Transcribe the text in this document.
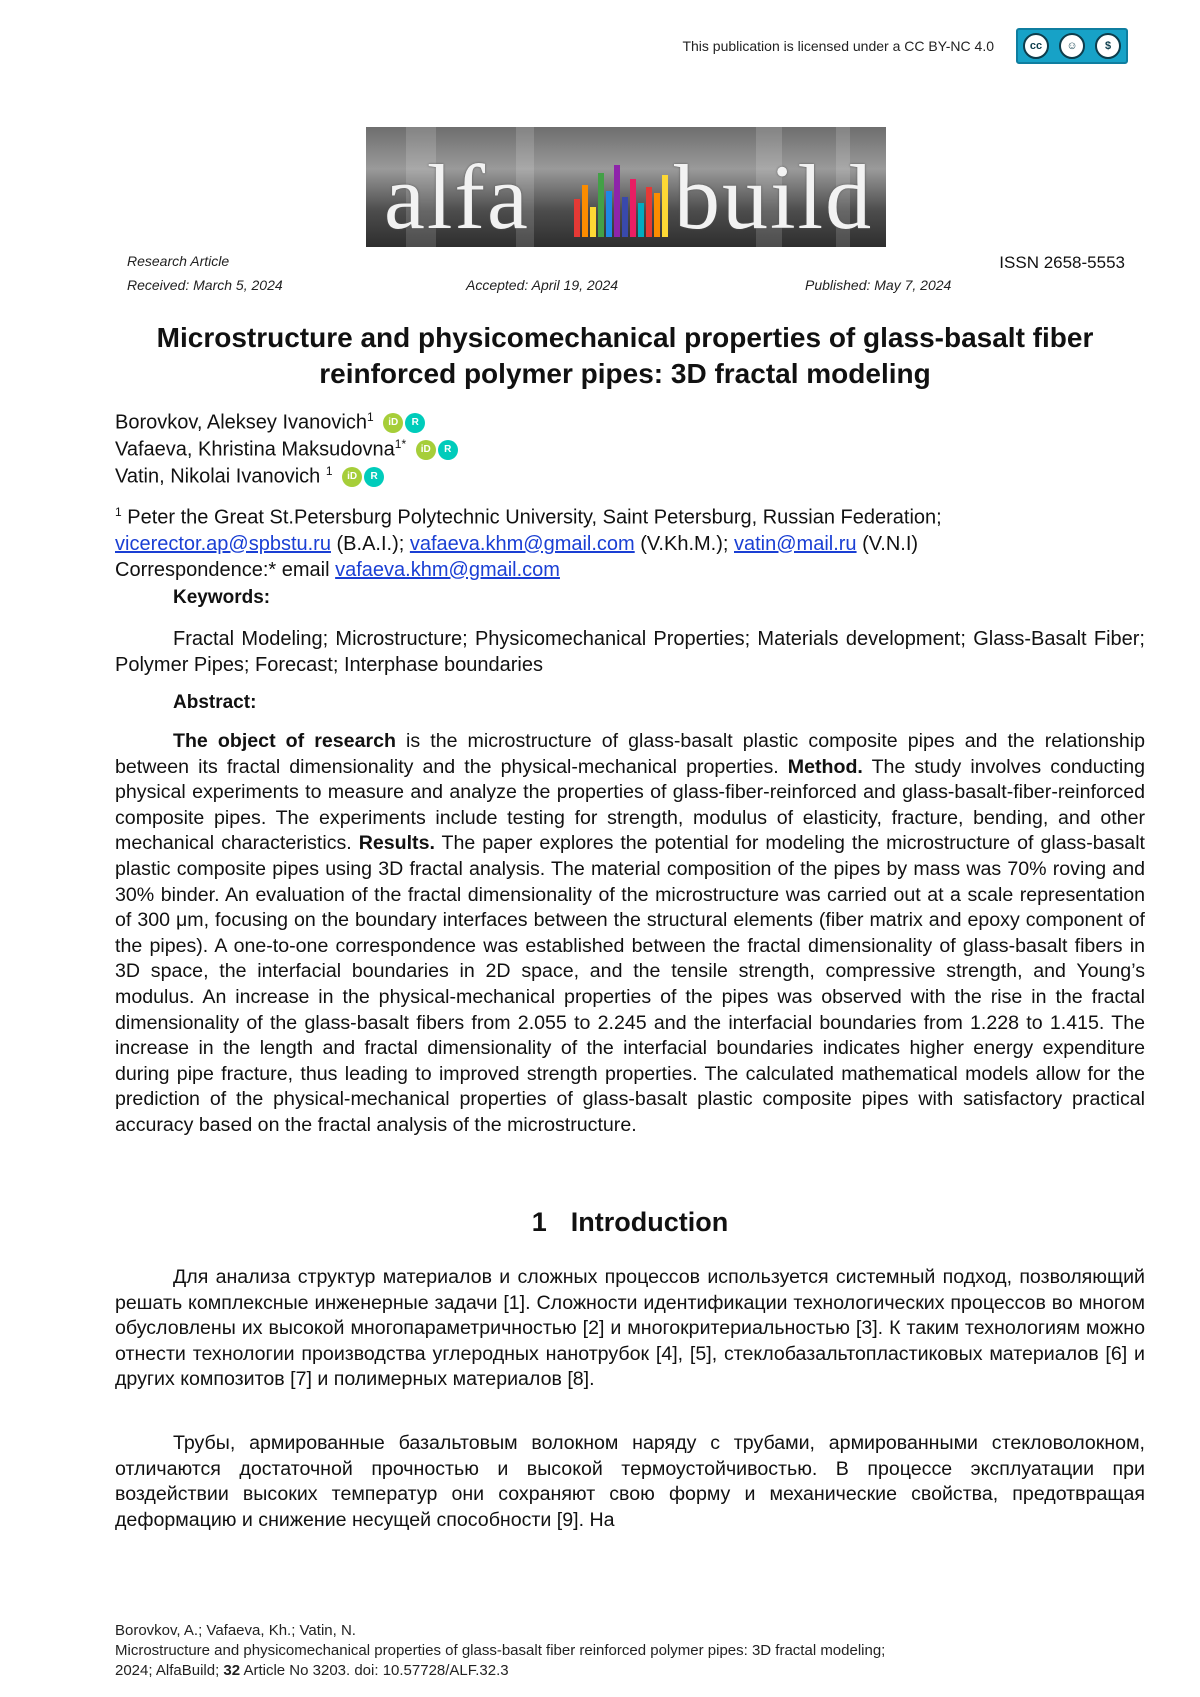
This publication is licensed under a CC BY-NC 4.0	cc	☺	$
alfa build
Research Article	ISSN 2658-5553
Received: March 5, 2024	Accepted: April 19, 2024	Published: May 7, 2024
Microstructure and physicomechanical properties of glass-basalt fiber reinforced polymer pipes: 3D fractal modeling
Borovkov, Aleksey Ivanovich1 iD R
Vafaeva, Khristina Maksudovna1* iD R
Vatin, Nikolai Ivanovich 1 iD R
1 Peter the Great St.Petersburg Polytechnic University, Saint Petersburg, Russian Federation;
vicerector.ap@spbstu.ru (B.A.I.); vafaeva.khm@gmail.com (V.Kh.M.); vatin@mail.ru (V.N.I)
Correspondence:* email vafaeva.khm@gmail.com
Keywords:

Fractal Modeling; Microstructure; Physicomechanical Properties; Materials development; Glass-Basalt Fiber; Polymer Pipes; Forecast; Interphase boundaries

Abstract:

The object of research is the microstructure of glass-basalt plastic composite pipes and the relationship between its fractal dimensionality and the physical-mechanical properties. Method. The study involves conducting physical experiments to measure and analyze the properties of glass-fiber-reinforced and glass-basalt-fiber-reinforced composite pipes. The experiments include testing for strength, modulus of elasticity, fracture, bending, and other mechanical characteristics. Results. The paper explores the potential for modeling the microstructure of glass-basalt plastic composite pipes using 3D fractal analysis. The material composition of the pipes by mass was 70% roving and 30% binder. An evaluation of the fractal dimensionality of the microstructure was carried out at a scale representation of 300 μm, focusing on the boundary interfaces between the structural elements (fiber matrix and epoxy component of the pipes). A one-to-one correspondence was established between the fractal dimensionality of glass-basalt fibers in 3D space, the interfacial boundaries in 2D space, and the tensile strength, compressive strength, and Young’s modulus. An increase in the physical-mechanical properties of the pipes was observed with the rise in the fractal dimensionality of the glass-basalt fibers from 2.055 to 2.245 and the interfacial boundaries from 1.228 to 1.415. The increase in the length and fractal dimensionality of the interfacial boundaries indicates higher energy expenditure during pipe fracture, thus leading to improved strength properties. The calculated mathematical models allow for the prediction of the physical-mechanical properties of glass-basalt plastic composite pipes with satisfactory practical accuracy based on the fractal analysis of the microstructure.

1 Introduction

Для анализа структур материалов и сложных процессов используется системный подход, позволяющий решать комплексные инженерные задачи [1]. Сложности идентификации технологических процессов во многом обусловлены их высокой многопараметричностью [2] и многокритериальностью [3]. К таким технологиям можно отнести технологии производства углеродных нанотрубок [4], [5], стеклобазальтопластиковых материалов [6] и других композитов [7] и полимерных материалов [8].

Трубы, армированные базальтовым волокном наряду с трубами, армированными стекловолокном, отличаются достаточной прочностью и высокой термоустойчивостью. В процессе эксплуатации при воздействии высоких температур они сохраняют свою форму и механические свойства, предотвращая деформацию и снижение несущей способности [9]. На

Borovkov, A.; Vafaeva, Kh.; Vatin, N.
Microstructure and physicomechanical properties of glass-basalt fiber reinforced polymer pipes: 3D fractal modeling;
2024; AlfaBuild; 32 Article No 3203. doi: 10.57728/ALF.32.3
